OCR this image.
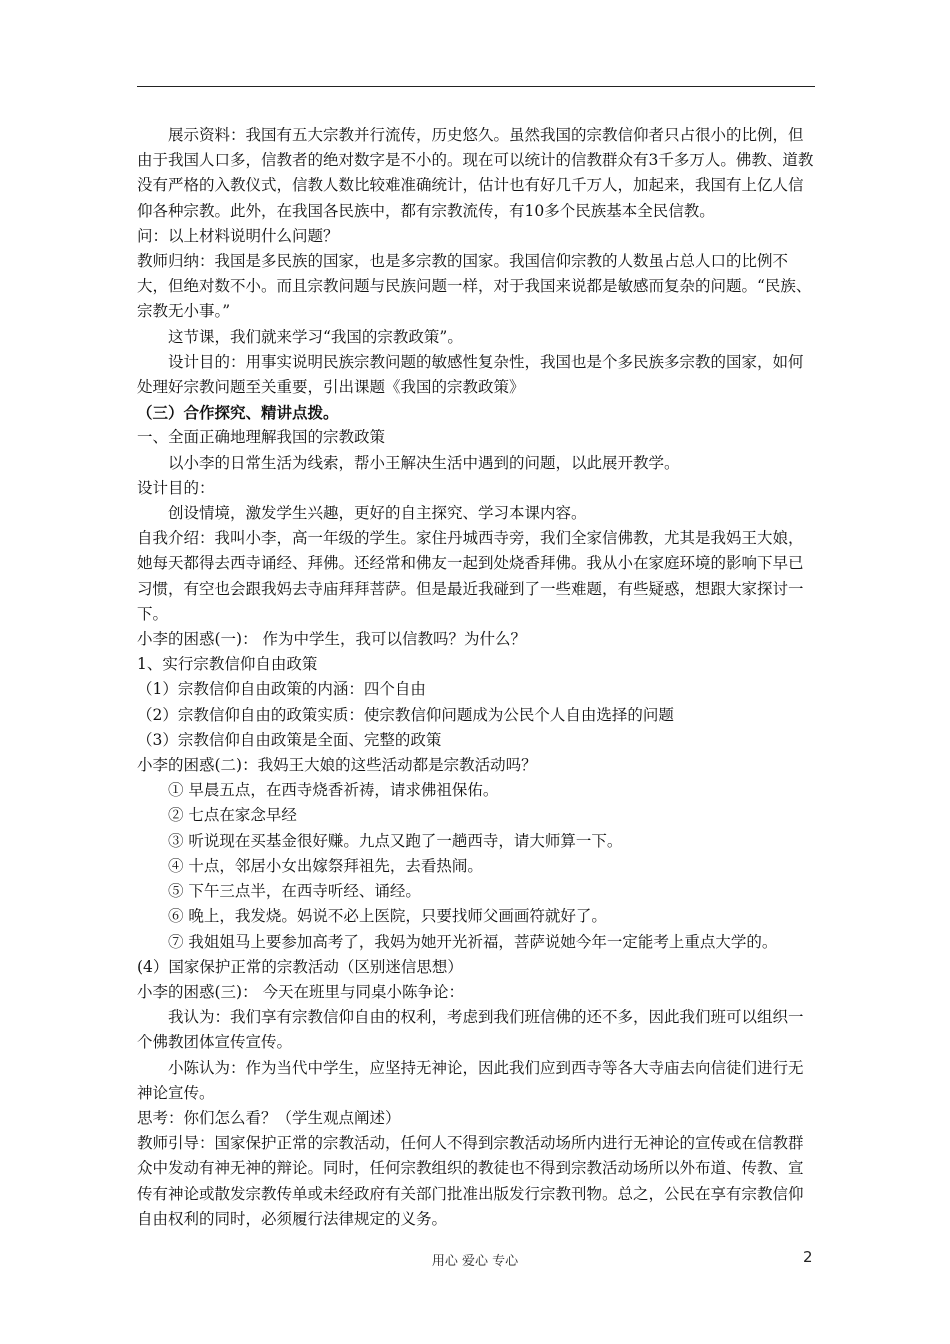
展示资料：我国有五大宗教并行流传，历史悠久。虽然我国的宗教信仰者只占很小的比例，但由于我国人口多，信教者的绝对数字是不小的。现在可以统计的信教群众有3千多万人。佛教、道教没有严格的入教仪式，信教人数比较难准确统计，估计也有好几千万人，加起来，我国有上亿人信仰各种宗教。此外，在我国各民族中，都有宗教流传，有10多个民族基本全民信教。

问：以上材料说明什么问题？

教师归纳：我国是多民族的国家，也是多宗教的国家。我国信仰宗教的人数虽占总人口的比例不大，但绝对数不小。而且宗教问题与民族问题一样，对于我国来说都是敏感而复杂的问题。“民族、宗教无小事。”

这节课，我们就来学习“我国的宗教政策”。

设计目的：用事实说明民族宗教问题的敏感性复杂性，我国也是个多民族多宗教的国家，如何处理好宗教问题至关重要，引出课题《我国的宗教政策》

（三）合作探究、精讲点拨。

一、全面正确地理解我国的宗教政策

以小李的日常生活为线索，帮小王解决生活中遇到的问题，以此展开教学。

设计目的：

创设情境，激发学生兴趣，更好的自主探究、学习本课内容。

自我介绍：我叫小李，高一年级的学生。家住丹城西寺旁，我们全家信佛教，尤其是我妈王大娘，她每天都得去西寺诵经、拜佛。还经常和佛友一起到处烧香拜佛。我从小在家庭环境的影响下早已习惯，有空也会跟我妈去寺庙拜拜菩萨。但是最近我碰到了一些难题，有些疑惑，想跟大家探讨一下。

小李的困惑(一)： 作为中学生，我可以信教吗？为什么？

1、实行宗教信仰自由政策

（1）宗教信仰自由政策的内涵：四个自由

（2）宗教信仰自由的政策实质：使宗教信仰问题成为公民个人自由选择的问题

（3）宗教信仰自由政策是全面、完整的政策

小李的困惑(二)：我妈王大娘的这些活动都是宗教活动吗？

① 早晨五点，在西寺烧香祈祷，请求佛祖保佑。

② 七点在家念早经

③ 听说现在买基金很好赚。九点又跑了一趟西寺，请大师算一下。

④ 十点，邻居小女出嫁祭拜祖先，去看热闹。

⑤ 下午三点半，在西寺听经、诵经。

⑥ 晚上，我发烧。妈说不必上医院，只要找师父画画符就好了。

⑦ 我姐姐马上要参加高考了，我妈为她开光祈福，菩萨说她今年一定能考上重点大学的。

(4）国家保护正常的宗教活动（区别迷信思想）

小李的困惑(三)： 今天在班里与同桌小陈争论：

我认为：我们享有宗教信仰自由的权利，考虑到我们班信佛的还不多，因此我们班可以组织一个佛教团体宣传宣传。

小陈认为：作为当代中学生，应坚持无神论，因此我们应到西寺等各大寺庙去向信徒们进行无神论宣传。

思考：你们怎么看？（学生观点阐述）

教师引导：国家保护正常的宗教活动，任何人不得到宗教活动场所内进行无神论的宣传或在信教群众中发动有神无神的辩论。同时，任何宗教组织的教徒也不得到宗教活动场所以外布道、传教、宣传有神论或散发宗教传单或未经政府有关部门批准出版发行宗教刊物。总之，公民在享有宗教信仰自由权利的同时，必须履行法律规定的义务。

用心 爱心 专心	2
